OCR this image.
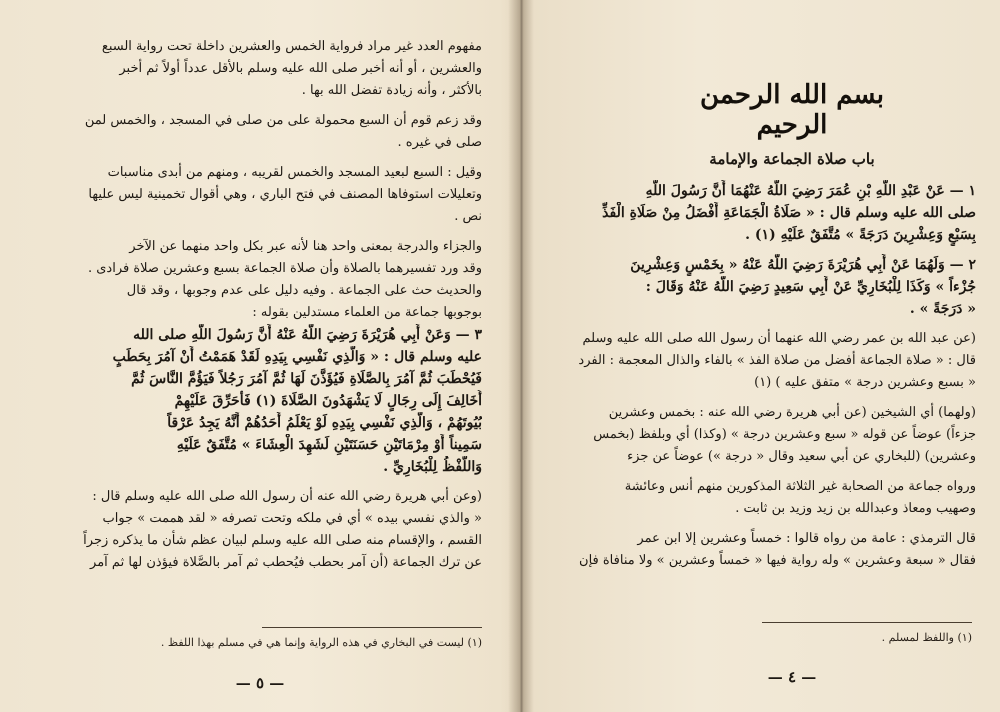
مفهوم العدد غير مراد فرواية الخمس والعشرين داخلة تحت رواية السبع
والعشرين ، أو أنه أخبر صلى الله عليه وسلم بالأقل عدداً أولاً ثم أخبر
بالأكثر ، وأنه زيادة تفضل الله بها .
وقد زعم قوم أن السبع محمولة على من صلى في المسجد ، والخمس لمن
صلى في غيره .
وقيل : السبع لبعيد المسجد والخمس لقريبه ، ومنهم من أبدى مناسبات
وتعليلات استوفاها المصنف في فتح الباري ، وهي أقوال تخمينية ليس عليها
نص .
والجزاء والدرجة بمعنى واحد هنا لأنه عبر بكل واحد منهما عن الآخر
وقد ورد تفسيرهما بالصلاة وأن صلاة الجماعة بسبع وعشرين صلاة فرادى .
والحديث حث على الجماعة . وفيه دليل على عدم وجوبها ، وقد قال
بوجوبها جماعة من العلماء مستدلين بقوله :
٣ — وَعَنْ أَبِي هُرَيْرَةَ رَضِيَ اللَّهُ عَنْهُ أَنَّ رَسُولَ اللَّهِ صلى الله
عليه وسلم قال : « وَالَّذِي نَفْسِي بِيَدِهِ لَقَدْ هَمَمْتُ أَنْ آمُرَ بِحَطَبٍ
فَيُحْطَبَ ثُمَّ آمُرَ بِالصَّلَاةِ فَيُؤَذَّنَ لَهَا ثُمَّ آمُرَ رَجُلاً فَيَؤُمَّ النَّاسَ ثُمَّ
أُخَالِفَ إِلَى رِجَالٍ لَا يَشْهَدُونَ الصَّلَاةَ (١) فَأُحَرِّقَ عَلَيْهِمْ
بُيُوتَهُمْ ، وَالَّذِي نَفْسِي بِيَدِهِ لَوْ يَعْلَمُ أَحَدُهُمْ أَنَّهُ يَجِدُ عَرْقاً
سَمِيناً أَوْ مِرْمَاتَيْنِ حَسَنَتَيْنِ لَشَهِدَ الْعِشَاءَ » مُتَّفَقٌ عَلَيْهِ
وَاللَّفْظُ لِلْبُخَارِيِّ .
(وعن أبي هريرة رضي الله عنه أن رسول الله صلى الله عليه وسلم قال :
« والذي نفسي بيده » أي في ملكه وتحت تصرفه « لقد هممت » جواب
القسم ، والإقسام منه صلى الله عليه وسلم لبيان عظم شأن ما يذكره زجراً
عن ترك الجماعة (أن آمر بحطب فيُحطب ثم آمر بالصَّلاة فيؤذن لها ثم آمر
(١) ليست في البخاري في هذه الرواية وإنما هي في مسلم بهذا اللفظ .
— ٥ —
بسم الله الرحمن الرحيم
باب صلاة الجماعة والإمامة
١ — عَنْ عَبْدِ اللَّهِ بْنِ عُمَرَ رَضِيَ اللَّهُ عَنْهُمَا أَنَّ رَسُولَ اللَّهِ
صلى الله عليه وسلم قال : « صَلَاةُ الْجَمَاعَةِ أَفْضَلُ مِنْ صَلَاةِ الْفَذِّ
بِسَبْعٍ وَعِشْرِينَ دَرَجَةً » مُتَّفَقٌ عَلَيْهِ (١) .
٢ — وَلَهُمَا عَنْ أَبِي هُرَيْرَةَ رَضِيَ اللَّهُ عَنْهُ « بِخَمْسٍ وَعِشْرِينَ
جُزْءاً » وَكَذَا لِلْبُخَارِيِّ عَنْ أَبِي سَعِيدٍ رَضِيَ اللَّهُ عَنْهُ وَقَالَ :
« دَرَجَةً » .
(عن عبد الله بن عمر رضي الله عنهما أن رسول الله صلى الله عليه وسلم
قال : « صلاة الجماعة أفضل من صلاة الفذ » بالفاء والذال المعجمة : الفرد
« بسبع وعشرين درجة » متفق عليه ) (١)
(ولهما) أي الشيخين (عن أبي هريرة رضي الله عنه : بخمس وعشرين
جزءاً) عوضاً عن قوله « سبع وعشرين درجة » (وكذا) أي وبلفظ (بخمس
وعشرين) (للبخاري عن أبي سعيد وقال « درجة ») عوضاً عن جزء
ورواه جماعة من الصحابة غير الثلاثة المذكورين منهم أنس وعائشة
وصهيب ومعاذ وعبدالله بن زيد وزيد بن ثابت .
قال الترمذي : عامة من رواه قالوا : خمساً وعشرين إلا ابن عمر
فقال « سبعة وعشرين » وله رواية فيها « خمساً وعشرين » ولا منافاة فإن
(١) واللفظ لمسلم .
— ٤ —
